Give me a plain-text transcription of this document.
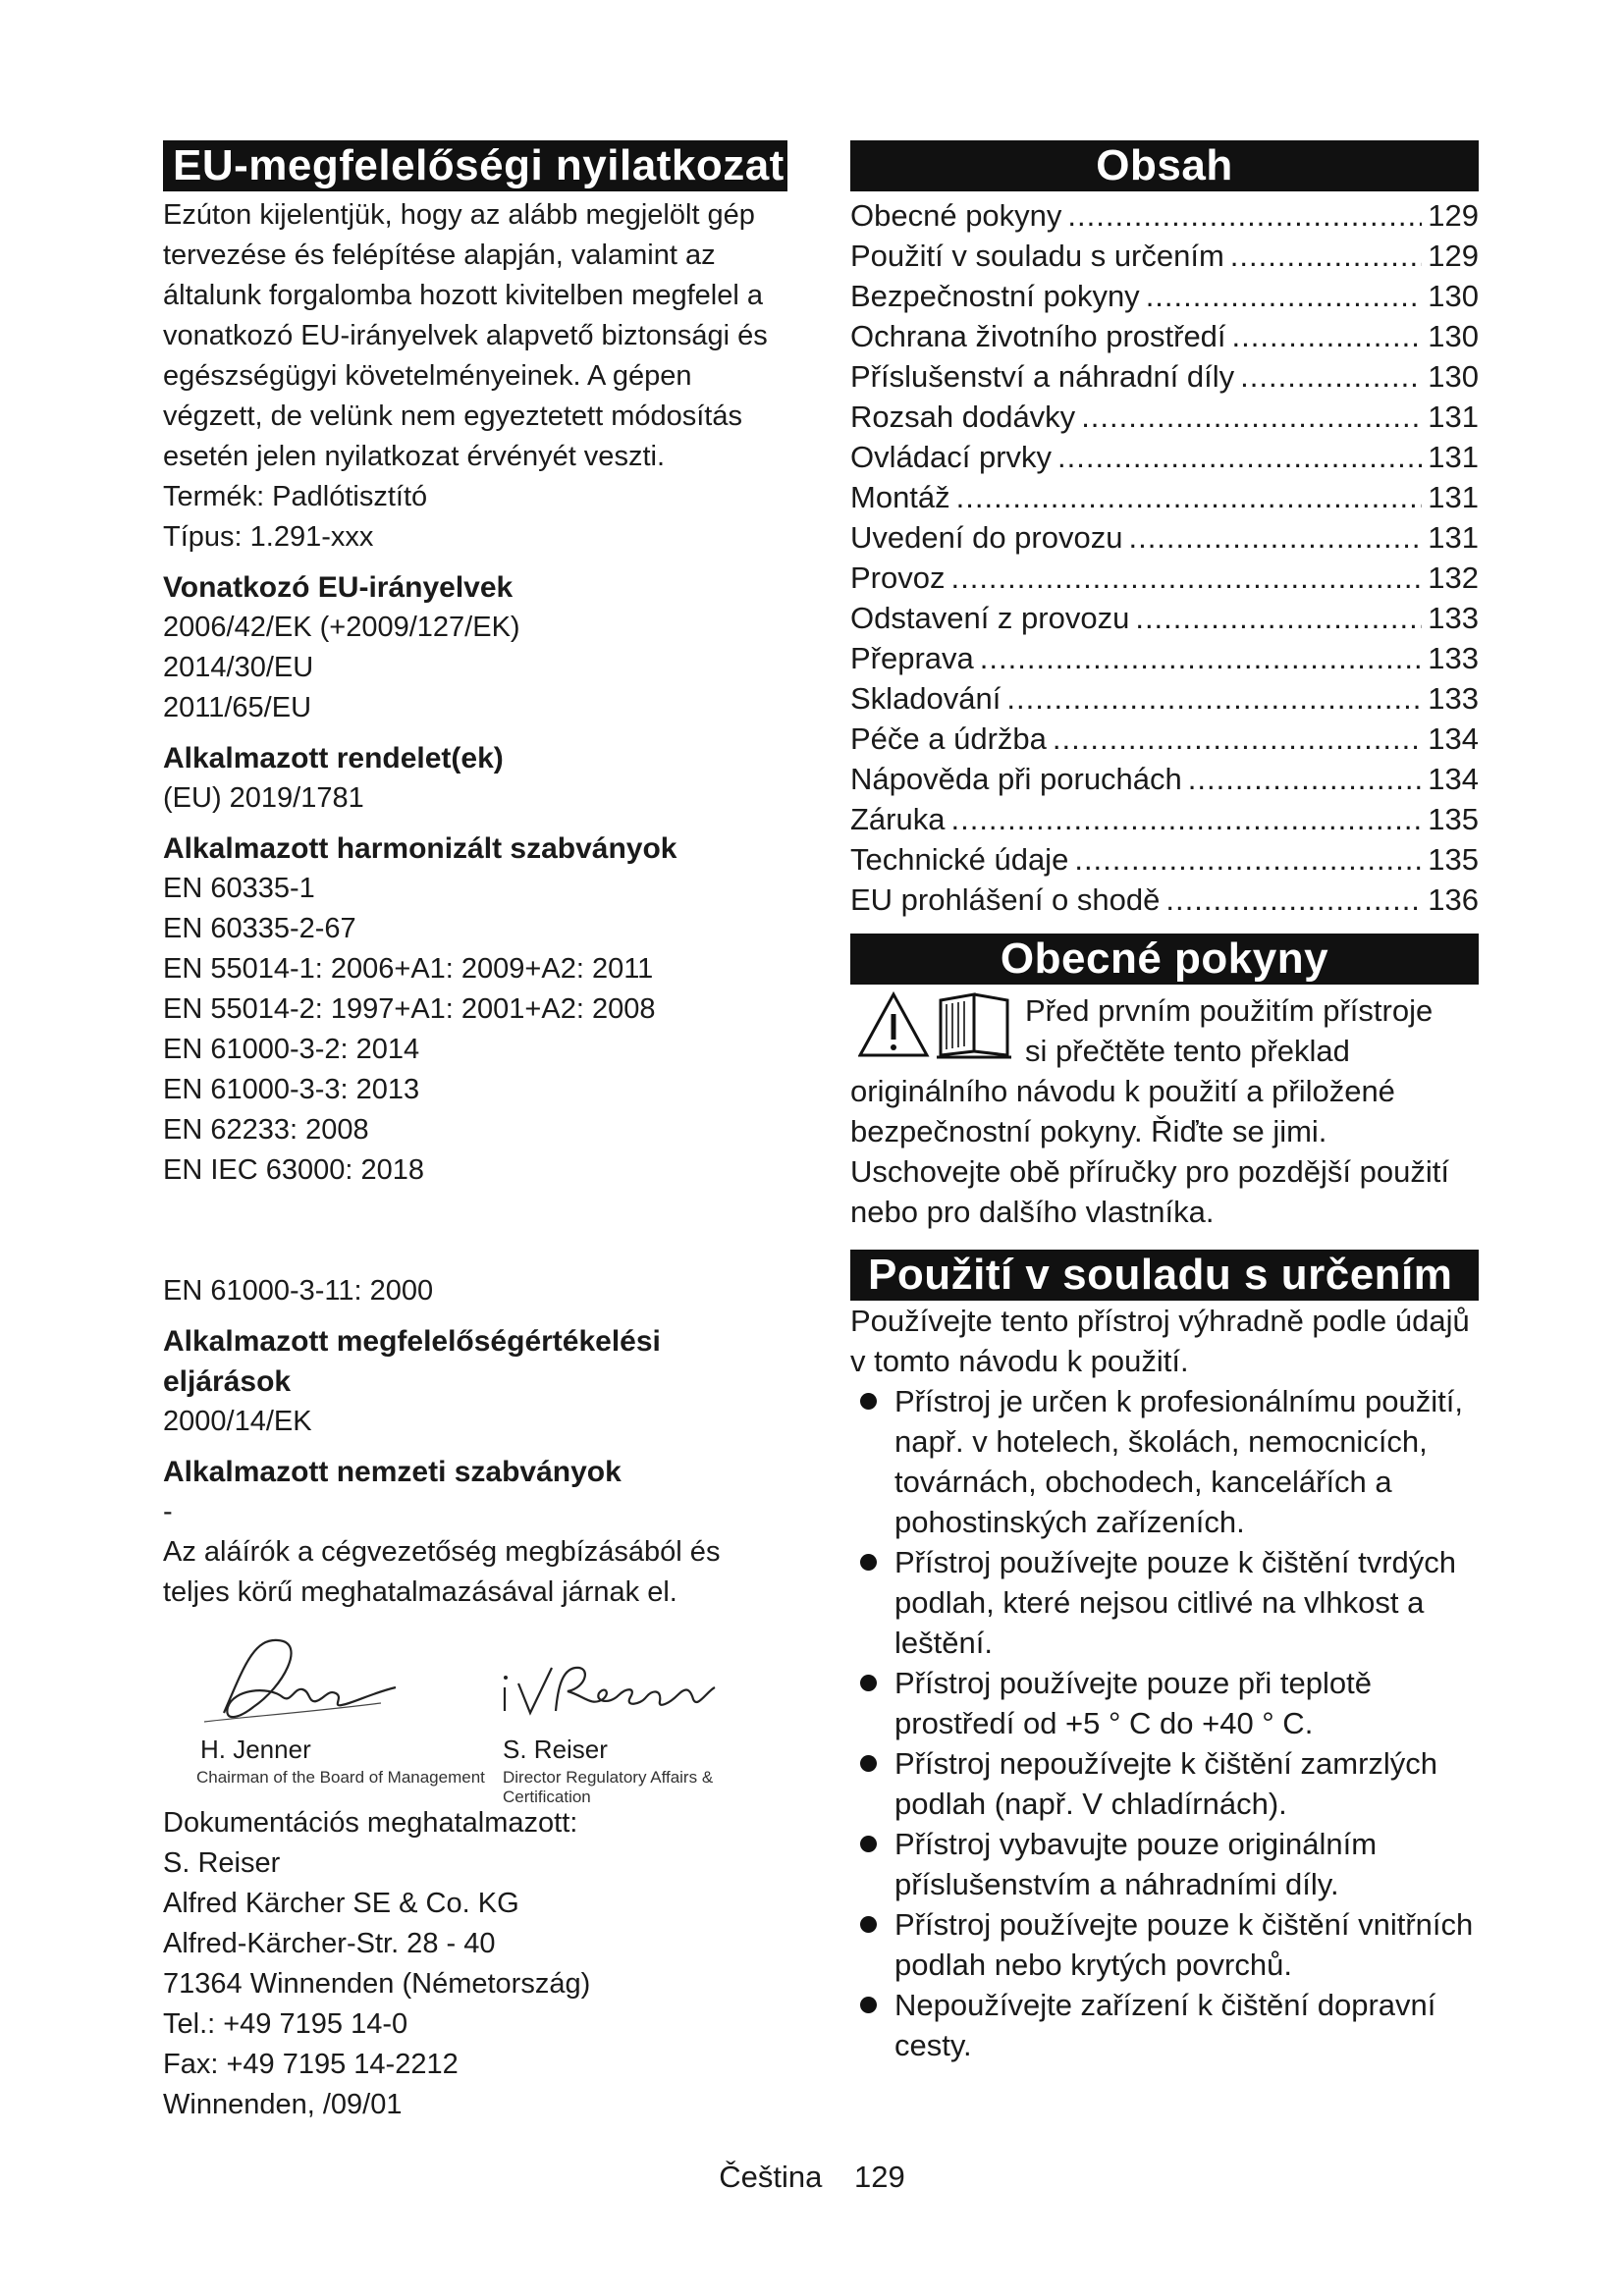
EU-megfelelőségi nyilatkozat
Ezúton kijelentjük, hogy az alább megjelölt gép tervezése és felépítése alapján, valamint az általunk forgalomba hozott kivitelben megfelel a vonatkozó EU-irányelvek alapvető biztonsági és egészségügyi követelményeinek. A gépen végzett, de velünk nem egyeztetett módosítás esetén jelen nyilatkozat érvényét veszti.
Termék: Padlótisztító
Típus: 1.291-xxx
Vonatkozó EU-irányelvek
2006/42/EK (+2009/127/EK)
2014/30/EU
2011/65/EU
Alkalmazott rendelet(ek)
(EU) 2019/1781
Alkalmazott harmonizált szabványok
EN 60335-1
EN 60335-2-67
EN 55014-1: 2006+A1: 2009+A2: 2011
EN 55014-2: 1997+A1: 2001+A2: 2008
EN 61000-3-2: 2014
EN 61000-3-3: 2013
EN 62233: 2008
EN IEC 63000: 2018
EN 61000-3-11: 2000
Alkalmazott megfelelőségértékelési eljárások
2000/14/EK
Alkalmazott nemzeti szabványok
-
Az aláírók a cégvezetőség megbízásából és teljes körű meghatalmazásával járnak el.
H. Jenner
Chairman of the Board of Management
S. Reiser
Director Regulatory Affairs & Certification
Dokumentációs meghatalmazott:
S. Reiser
Alfred Kärcher SE & Co. KG
Alfred-Kärcher-Str. 28 - 40
71364 Winnenden (Németország)
Tel.: +49 7195 14-0
Fax: +49 7195 14-2212
Winnenden, /09/01
Obsah
Obecné pokyny .....	129
Použití v souladu s určením .....	129
Bezpečnostní pokyny .....	130
Ochrana životního prostředí .....	130
Příslušenství a náhradní díly .....	130
Rozsah dodávky .....	131
Ovládací prvky .....	131
Montáž .....	131
Uvedení do provozu .....	131
Provoz .....	132
Odstavení z provozu .....	133
Přeprava .....	133
Skladování .....	133
Péče a údržba .....	134
Nápověda při poruchách .....	134
Záruka .....	135
Technické údaje .....	135
EU prohlášení o shodě .....	136
Obecné pokyny
Před prvním použitím přístroje
si přečtěte tento překlad
originálního návodu k použití a přiložené bezpečnostní pokyny. Řiďte se jimi. Uschovejte obě příručky pro pozdější použití nebo pro dalšího vlastníka.
Použití v souladu s určením
Používejte tento přístroj výhradně podle údajů v tomto návodu k použití.
Přístroj je určen k profesionálnímu použití, např. v hotelech, školách, nemocnicích, továrnách, obchodech, kancelářích a pohostinských zařízeních.
Přístroj používejte pouze k čištění tvrdých podlah, které nejsou citlivé na vlhkost a leštění.
Přístroj používejte pouze při teplotě prostředí od +5 ° C do +40 ° C.
Přístroj nepoužívejte k čištění zamrzlých podlah (např. V chladírnách).
Přístroj vybavujte pouze originálním příslušenstvím a náhradními díly.
Přístroj používejte pouze k čištění vnitřních podlah nebo krytých povrchů.
Nepoužívejte zařízení k čištění dopravní cesty.
Čeština 129
